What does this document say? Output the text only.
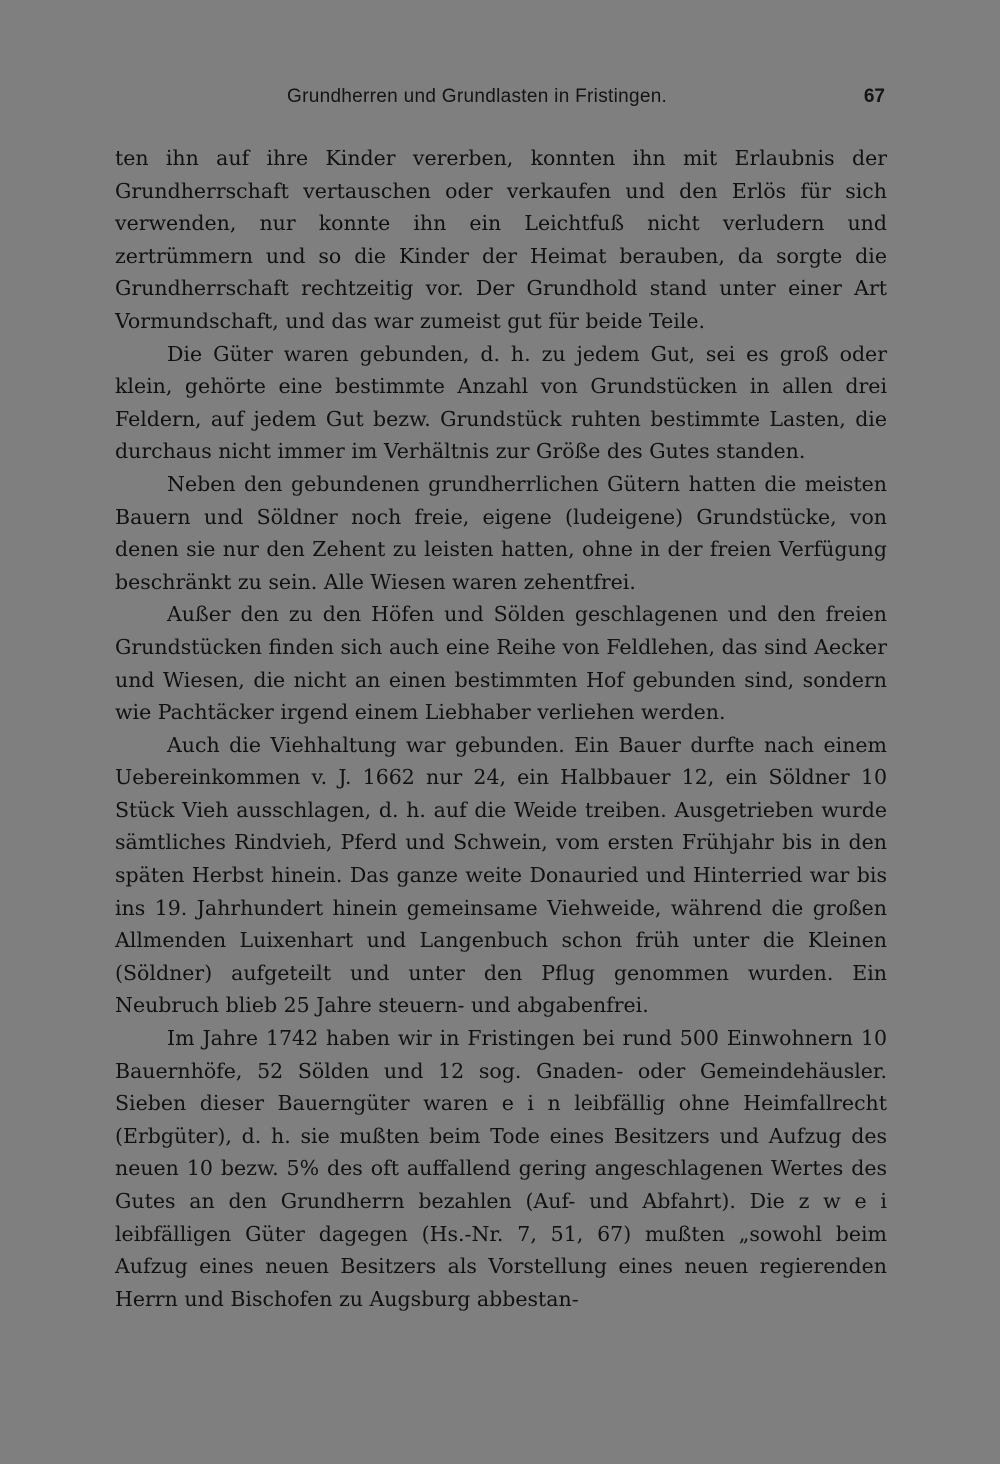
Grundherren und Grundlasten in Fristingen.	67

ten ihn auf ihre Kinder vererben, konnten ihn mit Erlaubnis der Grundherrschaft vertauschen oder verkaufen und den Erlös für sich verwenden, nur konnte ihn ein Leichtfuß nicht verludern und zertrümmern und so die Kinder der Heimat berauben, da sorgte die Grundherrschaft rechtzeitig vor. Der Grundhold stand unter einer Art Vormundschaft, und das war zumeist gut für beide Teile.

Die Güter waren gebunden, d. h. zu jedem Gut, sei es groß oder klein, gehörte eine bestimmte Anzahl von Grundstücken in allen drei Feldern, auf jedem Gut bezw. Grundstück ruhten bestimmte Lasten, die durchaus nicht immer im Verhältnis zur Größe des Gutes standen.

Neben den gebundenen grundherrlichen Gütern hatten die meisten Bauern und Söldner noch freie, eigene (ludeigene) Grundstücke, von denen sie nur den Zehent zu leisten hatten, ohne in der freien Verfügung beschränkt zu sein. Alle Wiesen waren zehentfrei.

Außer den zu den Höfen und Sölden geschlagenen und den freien Grundstücken finden sich auch eine Reihe von Feldlehen, das sind Aecker und Wiesen, die nicht an einen bestimmten Hof gebunden sind, sondern wie Pachtäcker irgend einem Liebhaber verliehen werden.

Auch die Viehhaltung war gebunden. Ein Bauer durfte nach einem Uebereinkommen v. J. 1662 nur 24, ein Halbbauer 12, ein Söldner 10 Stück Vieh ausschlagen, d. h. auf die Weide treiben. Ausgetrieben wurde sämtliches Rindvieh, Pferd und Schwein, vom ersten Frühjahr bis in den späten Herbst hinein. Das ganze weite Donauried und Hinterried war bis ins 19. Jahrhundert hinein gemeinsame Viehweide, während die großen Allmenden Luixenhart und Langenbuch schon früh unter die Kleinen (Söldner) aufgeteilt und unter den Pflug genommen wurden. Ein Neubruch blieb 25 Jahre steuern- und abgabenfrei.

Im Jahre 1742 haben wir in Fristingen bei rund 500 Einwohnern 10 Bauernhöfe, 52 Sölden und 12 sog. Gnaden- oder Gemeindehäusler. Sieben dieser Bauerngüter waren e i n leibfällig ohne Heimfallrecht (Erbgüter), d. h. sie mußten beim Tode eines Besitzers und Aufzug des neuen 10 bezw. 5% des oft auffallend gering angeschlagenen Wertes des Gutes an den Grundherrn bezahlen (Auf- und Abfahrt). Die z w e i leibfälligen Güter dagegen (Hs.-Nr. 7, 51, 67) mußten „sowohl beim Aufzug eines neuen Besitzers als Vorstellung eines neuen regierenden Herrn und Bischofen zu Augsburg abbestan-
